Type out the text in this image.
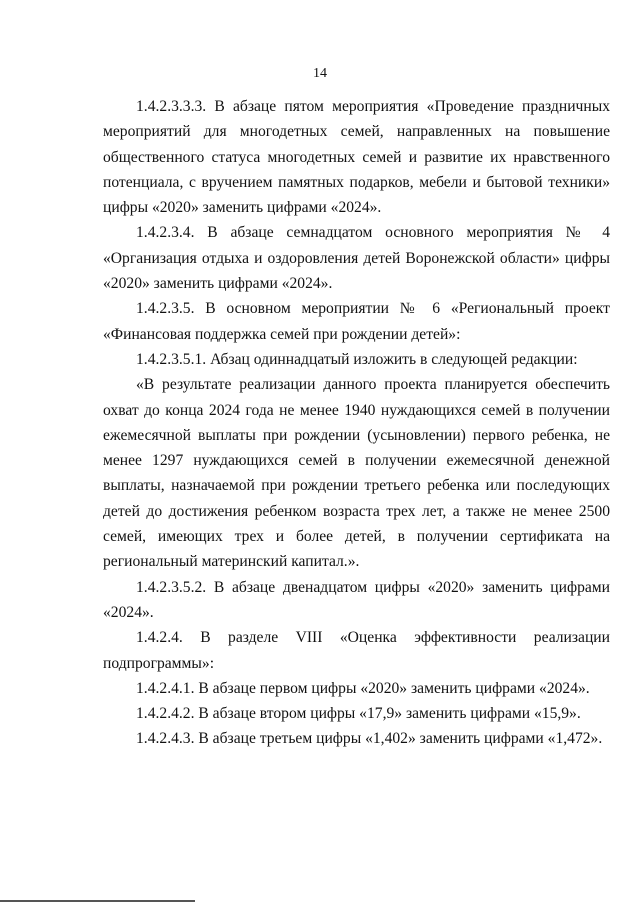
14

1.4.2.3.3.3. В абзаце пятом мероприятия «Проведение праздничных мероприятий для многодетных семей, направленных на повышение общественного статуса многодетных семей и развитие их нравственного потенциала, с вручением памятных подарков, мебели и бытовой техники» цифры «2020» заменить цифрами «2024».

1.4.2.3.4. В абзаце семнадцатом основного мероприятия № 4 «Организация отдыха и оздоровления детей Воронежской области» цифры «2020» заменить цифрами «2024».

1.4.2.3.5. В основном мероприятии № 6 «Региональный проект «Финансовая поддержка семей при рождении детей»:

1.4.2.3.5.1. Абзац одиннадцатый изложить в следующей редакции:

«В результате реализации данного проекта планируется обеспечить охват до конца 2024 года не менее 1940 нуждающихся семей в получении ежемесячной выплаты при рождении (усыновлении) первого ребенка, не менее 1297 нуждающихся семей в получении ежемесячной денежной выплаты, назначаемой при рождении третьего ребенка или последующих детей до достижения ребенком возраста трех лет, а также не менее 2500 семей, имеющих трех и более детей, в получении сертификата на региональный материнский капитал.».

1.4.2.3.5.2. В абзаце двенадцатом цифры «2020» заменить цифрами «2024».

1.4.2.4. В разделе VIII «Оценка эффективности реализации подпрограммы»:

1.4.2.4.1. В абзаце первом цифры «2020» заменить цифрами «2024».

1.4.2.4.2. В абзаце втором цифры «17,9» заменить цифрами «15,9».

1.4.2.4.3. В абзаце третьем цифры «1,402» заменить цифрами «1,472».
